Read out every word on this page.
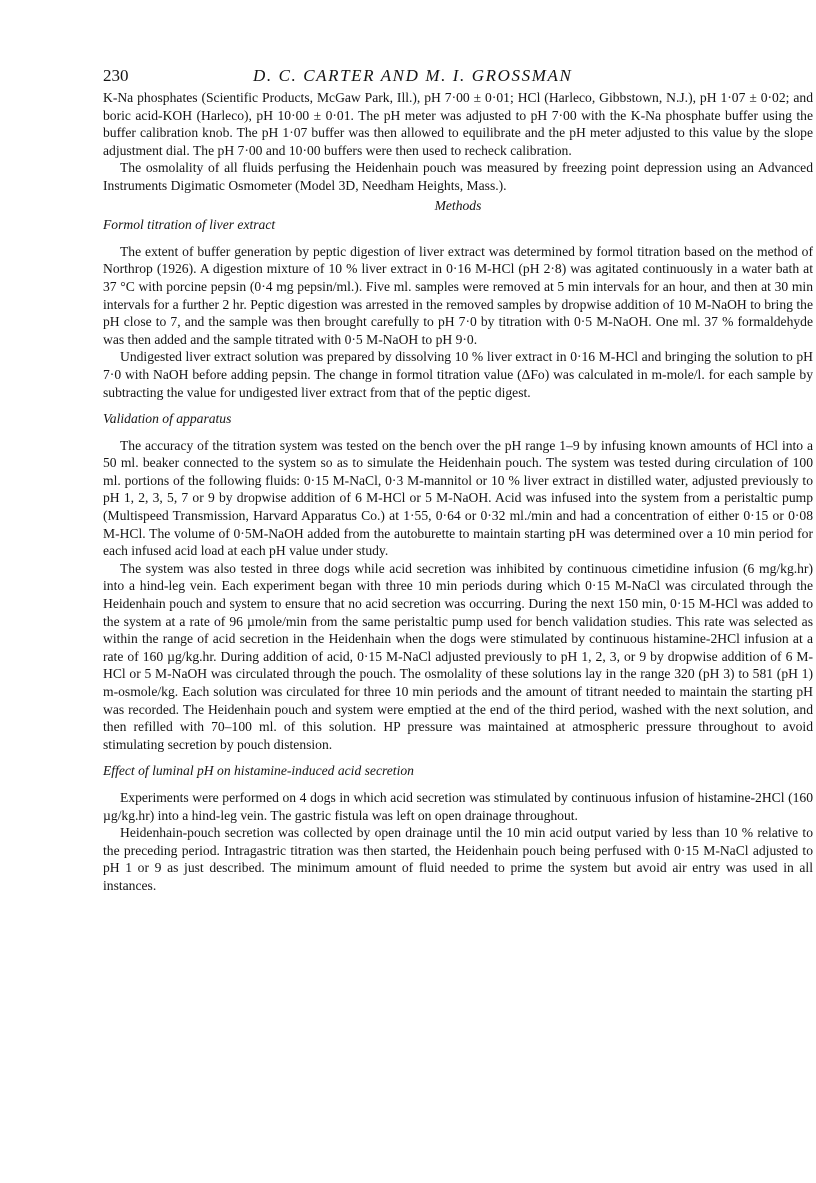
230	D. C. CARTER AND M. I. GROSSMAN

K-Na phosphates (Scientific Products, McGaw Park, Ill.), pH 7·00 ± 0·01; HCl (Harleco, Gibbstown, N.J.), pH 1·07 ± 0·02; and boric acid-KOH (Harleco), pH 10·00 ± 0·01. The pH meter was adjusted to pH 7·00 with the K-Na phosphate buffer using the buffer calibration knob. The pH 1·07 buffer was then allowed to equilibrate and the pH meter adjusted to this value by the slope adjustment dial. The pH 7·00 and 10·00 buffers were then used to recheck calibration.

The osmolality of all fluids perfusing the Heidenhain pouch was measured by freezing point depression using an Advanced Instruments Digimatic Osmometer (Model 3D, Needham Heights, Mass.).

Methods
Formol titration of liver extract

The extent of buffer generation by peptic digestion of liver extract was determined by formol titration based on the method of Northrop (1926). A digestion mixture of 10 % liver extract in 0·16 M-HCl (pH 2·8) was agitated continuously in a water bath at 37 °C with porcine pepsin (0·4 mg pepsin/ml.). Five ml. samples were removed at 5 min intervals for an hour, and then at 30 min intervals for a further 2 hr. Peptic digestion was arrested in the removed samples by dropwise addition of 10 M-NaOH to bring the pH close to 7, and the sample was then brought carefully to pH 7·0 by titration with 0·5 M-NaOH. One ml. 37 % formaldehyde was then added and the sample titrated with 0·5 M-NaOH to pH 9·0.

Undigested liver extract solution was prepared by dissolving 10 % liver extract in 0·16 M-HCl and bringing the solution to pH 7·0 with NaOH before adding pepsin. The change in formol titration value (ΔFo) was calculated in m-mole/l. for each sample by subtracting the value for undigested liver extract from that of the peptic digest.

Validation of apparatus

The accuracy of the titration system was tested on the bench over the pH range 1–9 by infusing known amounts of HCl into a 50 ml. beaker connected to the system so as to simulate the Heidenhain pouch. The system was tested during circulation of 100 ml. portions of the following fluids: 0·15 M-NaCl, 0·3 M-mannitol or 10 % liver extract in distilled water, adjusted previously to pH 1, 2, 3, 5, 7 or 9 by dropwise addition of 6 M-HCl or 5 M-NaOH. Acid was infused into the system from a peristaltic pump (Multispeed Transmission, Harvard Apparatus Co.) at 1·55, 0·64 or 0·32 ml./min and had a concentration of either 0·15 or 0·08 M-HCl. The volume of 0·5M-NaOH added from the autoburette to maintain starting pH was determined over a 10 min period for each infused acid load at each pH value under study.

The system was also tested in three dogs while acid secretion was inhibited by continuous cimetidine infusion (6 mg/kg.hr) into a hind-leg vein. Each experiment began with three 10 min periods during which 0·15 M-NaCl was circulated through the Heidenhain pouch and system to ensure that no acid secretion was occurring. During the next 150 min, 0·15 M-HCl was added to the system at a rate of 96 µmole/min from the same peristaltic pump used for bench validation studies. This rate was selected as within the range of acid secretion in the Heidenhain when the dogs were stimulated by continuous histamine-2HCl infusion at a rate of 160 µg/kg.hr. During addition of acid, 0·15 M-NaCl adjusted previously to pH 1, 2, 3, or 9 by dropwise addition of 6 M-HCl or 5 M-NaOH was circulated through the pouch. The osmolality of these solutions lay in the range 320 (pH 3) to 581 (pH 1) m-osmole/kg. Each solution was circulated for three 10 min periods and the amount of titrant needed to maintain the starting pH was recorded. The Heidenhain pouch and system were emptied at the end of the third period, washed with the next solution, and then refilled with 70–100 ml. of this solution. HP pressure was maintained at atmospheric pressure throughout to avoid stimulating secretion by pouch distension.

Effect of luminal pH on histamine-induced acid secretion

Experiments were performed on 4 dogs in which acid secretion was stimulated by continuous infusion of histamine-2HCl (160 µg/kg.hr) into a hind-leg vein. The gastric fistula was left on open drainage throughout.

Heidenhain-pouch secretion was collected by open drainage until the 10 min acid output varied by less than 10 % relative to the preceding period. Intragastric titration was then started, the Heidenhain pouch being perfused with 0·15 M-NaCl adjusted to pH 1 or 9 as just described. The minimum amount of fluid needed to prime the system but avoid air entry was used in all instances.
